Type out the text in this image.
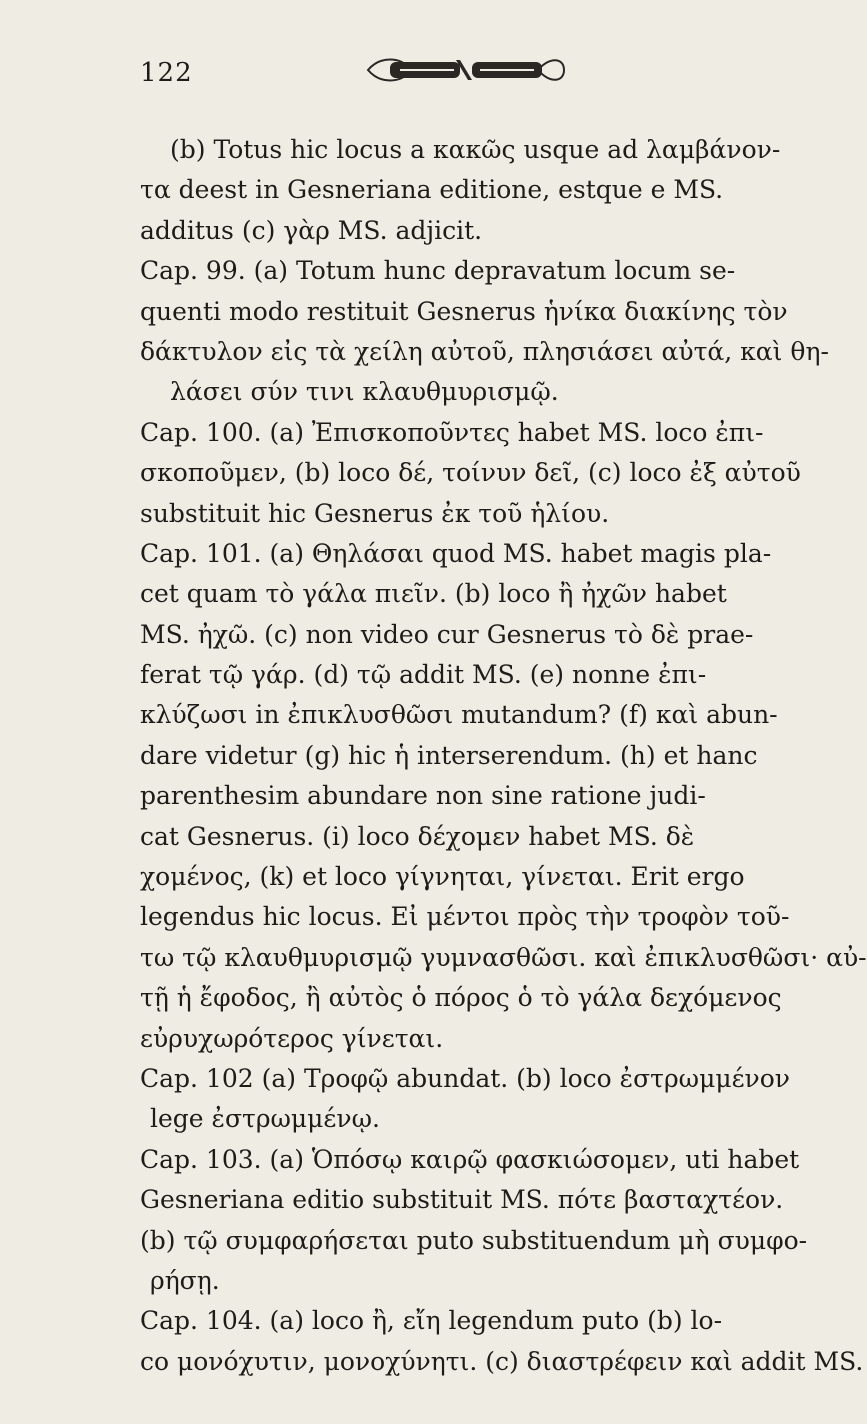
122
(b) Totus hic locus a κακῶς usque ad λαμβάνον-
τα deest in Gesneriana editione, estque e MS.
additus (c) γὰρ MS. adjicit.
Cap. 99. (a) Totum hunc depravatum locum se-
quenti modo restituit Gesnerus ἡνίκα διακίνης τὸν
δάκτυλον εἰς τὰ χείλη αὐτοῦ, πλησιάσει αὐτά, καὶ θη-
λάσει σύν τινι κλαυθμυρισμῷ.
Cap. 100. (a) Ἐπισκοποῦντες habet MS. loco ἐπι-
σκοποῦμεν, (b) loco δέ, τοίνυν δεῖ, (c) loco ἐξ αὐτοῦ
substituit hic Gesnerus ἐκ τοῦ ἡλίου.
Cap. 101. (a) Θηλάσαι quod MS. habet magis pla-
cet quam τὸ γάλα πιεῖν. (b) loco ἢ ἠχῶν habet
MS. ἠχῶ. (c) non video cur Gesnerus τὸ δὲ prae-
ferat τῷ γάρ. (d) τῷ addit MS. (e) nonne ἐπι-
κλύζωσι in ἐπικλυσθῶσι mutandum? (f) καὶ abun-
dare videtur (g) hic ἡ interserendum. (h) et hanc
parenthesim abundare non sine ratione judi-
cat Gesnerus. (i) loco δέχομεν habet MS. δὲ
χομένος, (k) et loco γίγνηται, γίνεται. Erit ergo
legendus hic locus. Εἰ μέντοι πρὸς τὴν τροφὸν τοῦ-
τω τῷ κλαυθμυρισμῷ γυμνασθῶσι. καὶ ἐπικλυσθῶσι· αὐ-
τῇ ἡ ἔφοδος, ἢ αὐτὸς ὁ πόρος ὁ τὸ γάλα δεχόμενος
εὐρυχωρότερος γίνεται.
Cap. 102 (a) Τροφῷ abundat. (b) loco ἐστρωμμένον
lege ἐστρωμμένῳ.
Cap. 103. (a) Ὁπόσῳ καιρῷ φασκιώσομεν, uti habet
Gesneriana editio substituit MS. πότε βασταχτέον.
(b) τῷ συμφαρήσεται puto substituendum μὴ συμφο-
ρήσῃ.
Cap. 104. (a) loco ἢ, εἴη legendum puto (b) lo-
co μονόχυτιν, μονοχύνητι. (c) διαστρέφειν καὶ addit MS.
